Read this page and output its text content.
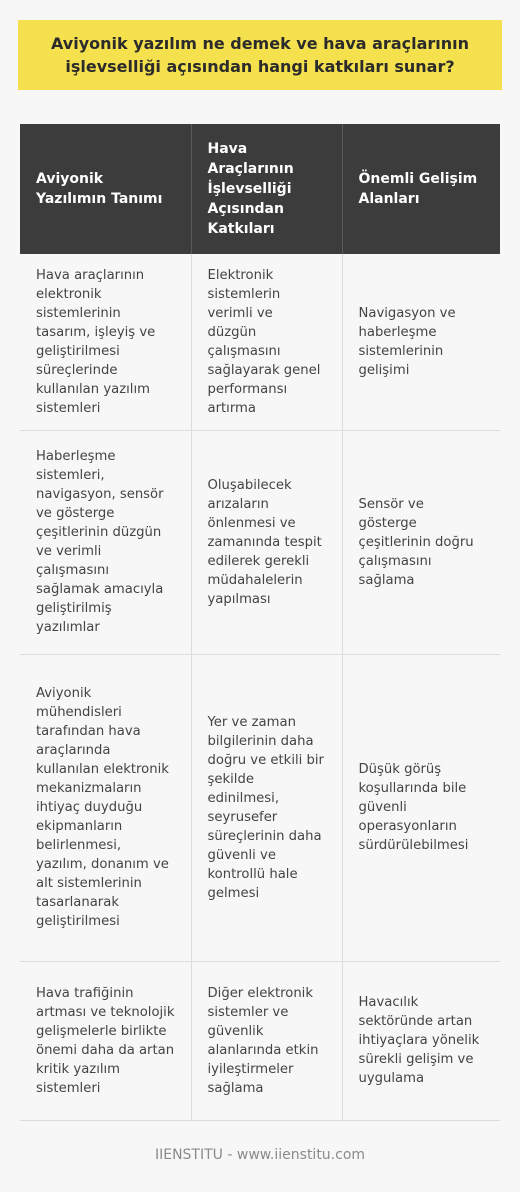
Aviyonik yazılım ne demek ve hava araçlarının işlevselliği açısından hangi katkıları sunar?
Aviyonik Yazılımın Tanımı	Hava Araçlarının İşlevselliği Açısından Katkıları	Önemli Gelişim Alanları
Hava araçlarının elektronik sistemlerinin tasarım, işleyiş ve geliştirilmesi süreçlerinde kullanılan yazılım sistemleri	Elektronik sistemlerin verimli ve düzgün çalışmasını sağlayarak genel performansı artırma	Navigasyon ve haberleşme sistemlerinin gelişimi
Haberleşme sistemleri, navigasyon, sensör ve gösterge çeşitlerinin düzgün ve verimli çalışmasını sağlamak amacıyla geliştirilmiş yazılımlar	Oluşabilecek arızaların önlenmesi ve zamanında tespit edilerek gerekli müdahalelerin yapılması	Sensör ve gösterge çeşitlerinin doğru çalışmasını sağlama
Aviyonik mühendisleri tarafından hava araçlarında kullanılan elektronik mekanizmaların ihtiyaç duyduğu ekipmanların belirlenmesi, yazılım, donanım ve alt sistemlerinin tasarlanarak geliştirilmesi	Yer ve zaman bilgilerinin daha doğru ve etkili bir şekilde edinilmesi, seyrusefer süreçlerinin daha güvenli ve kontrollü hale gelmesi	Düşük görüş koşullarında bile güvenli operasyonların sürdürülebilmesi
Hava trafiğinin artması ve teknolojik gelişmelerle birlikte önemi daha da artan kritik yazılım sistemleri	Diğer elektronik sistemler ve güvenlik alanlarında etkin iyileştirmeler sağlama	Havacılık sektöründe artan ihtiyaçlara yönelik sürekli gelişim ve uygulama
IIENSTITU - www.iienstitu.com
